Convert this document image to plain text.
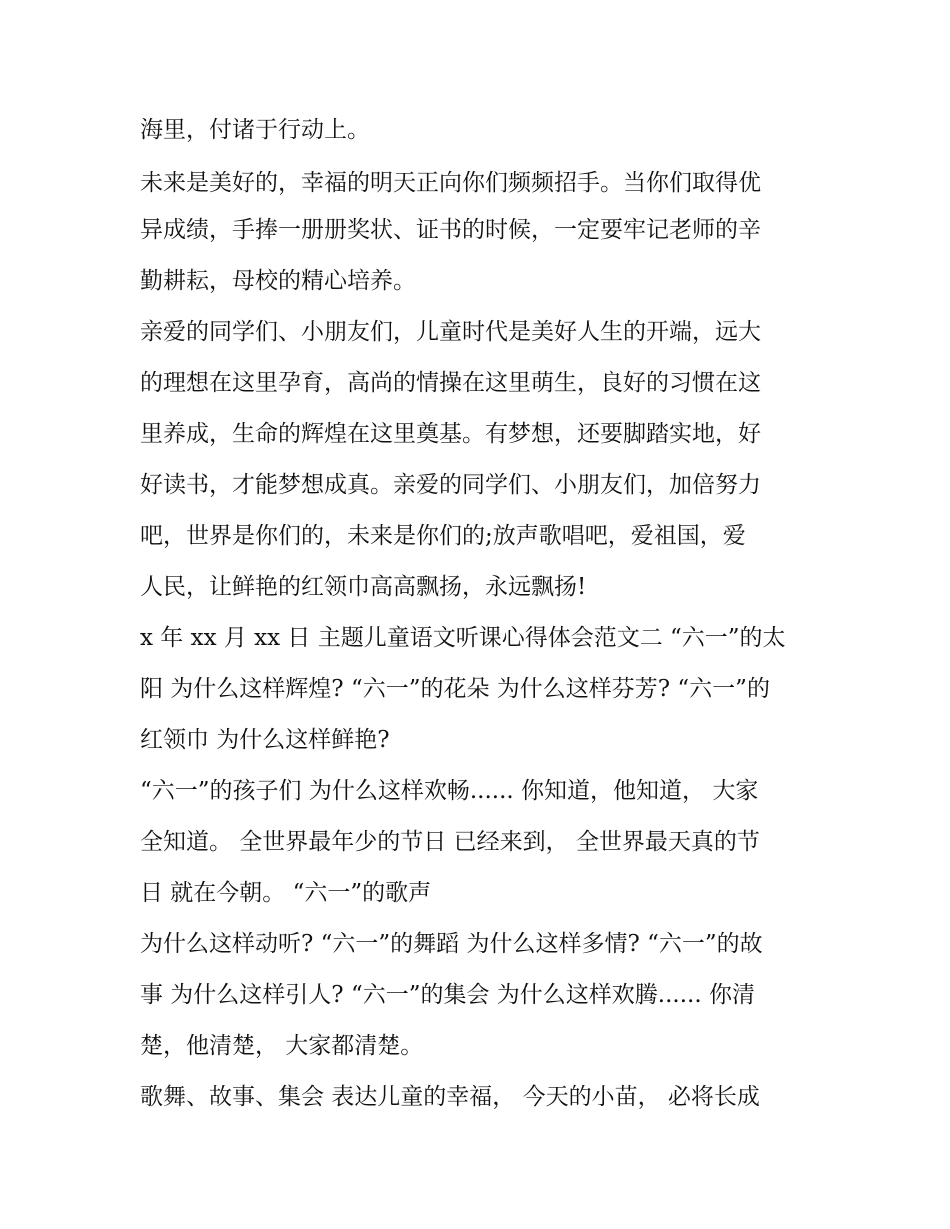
海里，付诸于行动上。
未来是美好的，幸福的明天正向你们频频招手。当你们取得优
异成绩，手捧一册册奖状、证书的时候，一定要牢记老师的辛
勤耕耘，母校的精心培养。
亲爱的同学们、小朋友们，儿童时代是美好人生的开端，远大
的理想在这里孕育，高尚的情操在这里萌生，良好的习惯在这
里养成，生命的辉煌在这里奠基。有梦想，还要脚踏实地，好
好读书，才能梦想成真。亲爱的同学们、小朋友们，加倍努力
吧，世界是你们的，未来是你们的;放声歌唱吧，爱祖国，爱
人民，让鲜艳的红领巾高高飘扬，永远飘扬!
x 年 xx 月 xx 日 主题儿童语文听课心得体会范文二 “六一”的太
阳 为什么这样辉煌? “六一”的花朵 为什么这样芬芳? “六一”的
红领巾 为什么这样鲜艳?
“六一”的孩子们 为什么这样欢畅...... 你知道，他知道， 大家
全知道。 全世界最年少的节日 已经来到， 全世界最天真的节
日 就在今朝。 “六一”的歌声
为什么这样动听? “六一”的舞蹈 为什么这样多情? “六一”的故
事 为什么这样引人? “六一”的集会 为什么这样欢腾...... 你清
楚，他清楚， 大家都清楚。
歌舞、故事、集会 表达儿童的幸福， 今天的小苗， 必将长成
